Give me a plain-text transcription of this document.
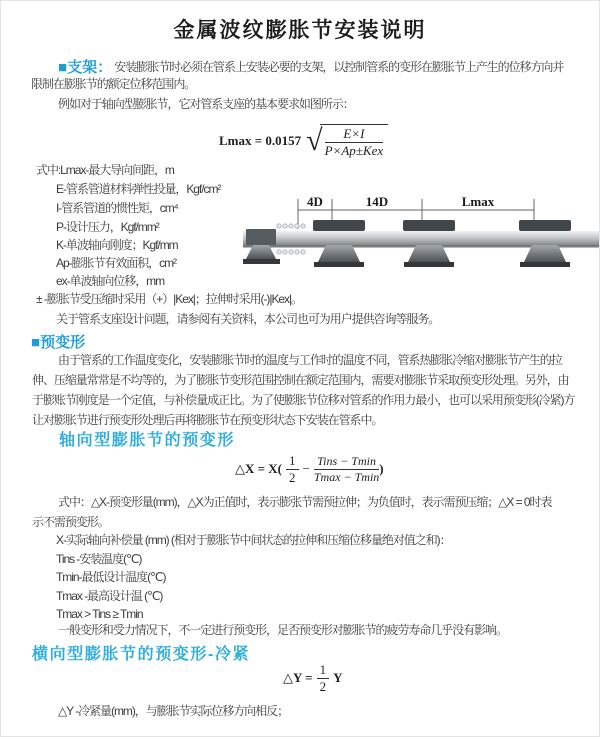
金属波纹膨胀节安装说明
■支架： 安装膨胀节时必须在管系上安装必要的支架，以控制管系的变形在膨胀节上产生的位移方向并
限制在膨胀节的额定位移范围内。
例如对于轴向型膨胀节，它对管系支座的基本要求如图所示：
Lmax = 0.0157 √ $\frac{E\times I}{\text{P×Ap±Kex}}$
式中:Lmax-最大导向间距，m
E-管系管道材料弹性投量，Kgf/cm²
I-管系管道的惯性矩，cm⁴
P-设计压力，Kgf/mm²
K-单波轴向刚度；Kgf/mm
Ap-膨胀节有效面积，cm²
ex-单波轴向位移，mm
± -膨胀节受压缩时采用（+）|Kex|；拉伸时采用(-)|Kex|。
关于管系支座设计问题，请参阅有关资料，本公司也可为用户提供咨询等服务。
4D	14D	Lmax
■预变形
由于管系的工作温度变化，安装膨胀节时的温度与工作时的温度不同，管系热膨胀冷缩对膨胀节产生的拉
伸、压缩量常常是不均等的，为了膨胀节变形范围控制在额定范围内，需要对膨胀节采取预变形处理。另外，由
于膨账节刚度是一个定值，与补偿量成正比。为了使膨胀节位移对管系的作用力最小，也可以采用预变形(冷紧)方
让对膨胀节进行预变形处理后再将膨胀节在预变形状态下安装在管系中。
轴向型膨胀节的预变形
△X = $X( \frac{1}{2} - \frac{\text{Tins − Tmin}}{Tmax - Tmin}$ )
式中：△X-预变形量(mm)，△X为正值时，表示膨张节需预拉伸；为负值时，表示需预压缩；△X = 0时表
示不需预变形。
X-实际轴向补偿量 (mm) (相对于膨胀节中间状态的拉伸和压缩位移量绝对值之和)：
Tins -安装温度(℃)
Tmin-最低设计温度(℃)
Tmax -最高设计温 (℃)
Tmax > Tins ≥ Tmin
一般变形和受力情况下，不一定进行预变形，足否预变形对膨胀节的疲劳寿命几乎没有影响。
横向型膨胀节的预变形-冷紧
△Y = $\frac{1}{2}$ Y
△Y -冷紧量(mm)，与膨胀节实际位移方向相反；
